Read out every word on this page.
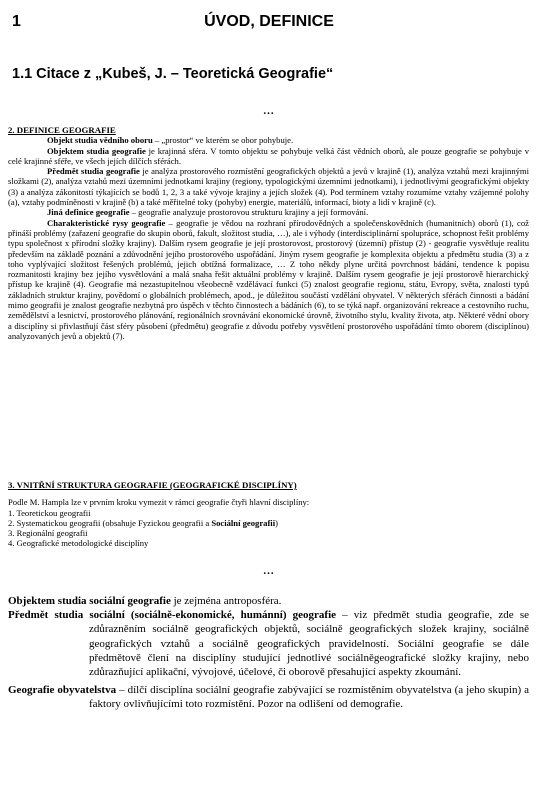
1	ÚVOD, DEFINICE
1.1 Citace z „Kubeš, J. – Teoretická Geografie“
...

2. DEFINICE GEOGRAFIE

Objekt studia vědního oboru – „prostor“ ve kterém se obor pohybuje.

Objektem studia geografie je krajinná sféra. V tomto objektu se pohybuje velká část vědních oborů, ale pouze geografie se pohybuje v celé krajinné sféře, ve všech jejích dílčích sférách.

Předmět studia geografie je analýza prostorového rozmístění geografických objektů a jevů v krajině (1), analýza vztahů mezi krajinnými složkami (2), analýza vztahů mezi územními jednotkami krajiny (regiony, typologickými územními jednotkami), i jednotlivými geografickými objekty (3) a analýza zákonitostí týkajících se bodů 1, 2, 3 a také vývoje krajiny a jejích složek (4). Pod termínem vztahy rozumíme vztahy vzájemné polohy (a), vztahy podmíněnosti v krajině (b) a také měřitelné toky (pohyby) energie, materiálů, informací, bioty a lidí v krajině (c).

Jiná definice geografie – geografie analyzuje prostorovou strukturu krajiny a její formování.

Charakteristické rysy geografie – geografie je vědou na rozhraní přírodovědných a společenskovědních (humanitních) oborů (1), což přináší problémy (zařazení geografie do skupin oborů, fakult, složitost studia, …), ale i výhody (interdisciplinární spolupráce, schopnost řešit problémy typu společnost x přírodní složky krajiny). Dalším rysem geografie je její prostorovost, prostorový (územní) přístup (2) - geografie vysvětluje realitu především na základě poznání a zdůvodnění jejího prostorového uspořádání. Jiným rysem geografie je komplexita objektu a předmětu studia (3) a z toho vyplývající složitost řešených problémů, jejich obtížná formalizace, … Z toho někdy plyne určitá povrchnost bádání, tendence k popisu rozmanitosti krajiny bez jejího vysvětlování a malá snaha řešit aktuální problémy v krajině. Dalším rysem geografie je její prostorově hierarchický přístup ke krajině (4). Geografie má nezastupitelnou všeobecně vzdělávací funkci (5) znalost geografie regionu, státu, Evropy, světa, znalosti typů základních struktur krajiny, povědomí o globálních problémech, apod., je důležitou součástí vzdělání obyvatel. V některých sférách činnosti a bádání mimo geografii je znalost geografie nezbytná pro úspěch v těchto činnostech a bádáních (6), to se týká např. organizování rekreace a cestovního ruchu, zemědělství a lesnictví, prostorového plánování, regionálních srovnávání ekonomické úrovně, životního stylu, kvality života, atp. Některé vědní obory a disciplíny si přivlastňují část sféry působení (předmětu) geografie z důvodu potřeby vysvětlení prostorového uspořádání tímto oborem (disciplínou) analyzovaných jevů a objektů (7).

3. VNITŘNÍ STRUKTURA GEOGRAFIE (GEOGRAFICKÉ DISCIPLÍNY)

Podle M. Hampla lze v prvním kroku vymezit v rámci geografie čtyři hlavní disciplíny:

1. Teoretickou geografii
2. Systematickou geografii (obsahuje Fyzickou geografii a Sociální geografii)
3. Regionální geografii
4. Geografické metodologické disciplíny
...

Objektem studia sociální geografie je zejména antroposféra.

Předmět studia sociální (sociálně-ekonomické, humánní) geografie – viz předmět studia geografie, zde se zdůrazněním sociálně geografických objektů, sociálně geografických složek krajiny, sociálně geografických vztahů a sociálně geografických pravidelností. Sociální geografie se dále předmětově člení na disciplíny studující jednotlivé sociálněgeografické složky krajiny, nebo zdůrazňující aplikační, vývojové, účelové, či oborově přesahující aspekty zkoumání.

Geografie obyvatelstva – dílčí disciplína sociální geografie zabývající se rozmístěním obyvatelstva (a jeho skupin) a faktory ovlivňujícími toto rozmístění. Pozor na odlišení od demografie.
